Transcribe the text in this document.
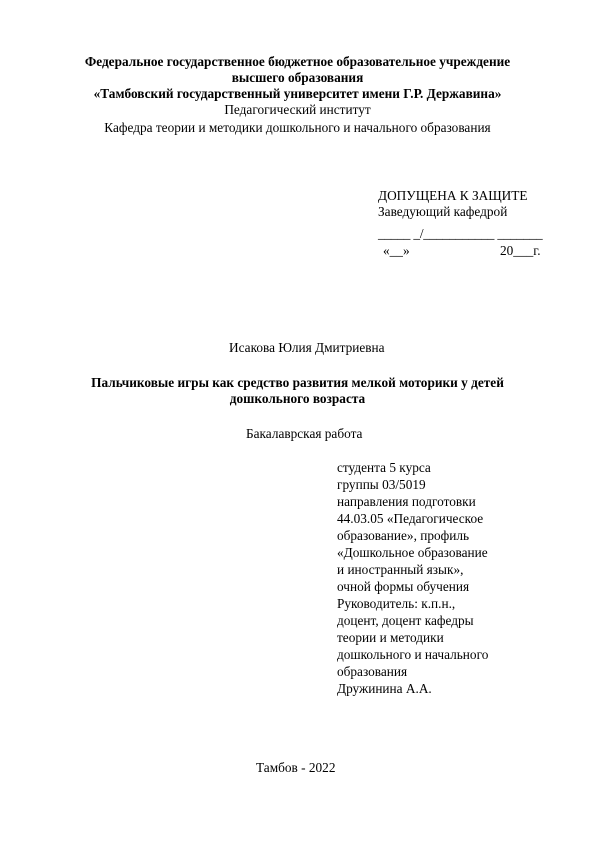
Федеральное государственное бюджетное образовательное учреждение
высшего образования
«Тамбовский государственный университет имени Г.Р. Державина»
Педагогический институт
Кафедра теории и методики дошкольного и начального образования
ДОПУЩЕНА К ЗАЩИТЕ
Заведующий кафедрой
_____ _/___________ _______
«__»	20___г.
Исакова Юлия Дмитриевна
Пальчиковые игры как средство развития мелкой моторики у детей
дошкольного возраста
Бакалаврская работа
студента 5 курса
группы 03/5019
направления подготовки
44.03.05 «Педагогическое
образование», профиль
«Дошкольное образование
и иностранный язык»,
очной формы обучения
Руководитель: к.п.н.,
доцент, доцент кафедры
теории и методики
дошкольного и начального
образования
Дружинина А.А.
Тамбов - 2022
